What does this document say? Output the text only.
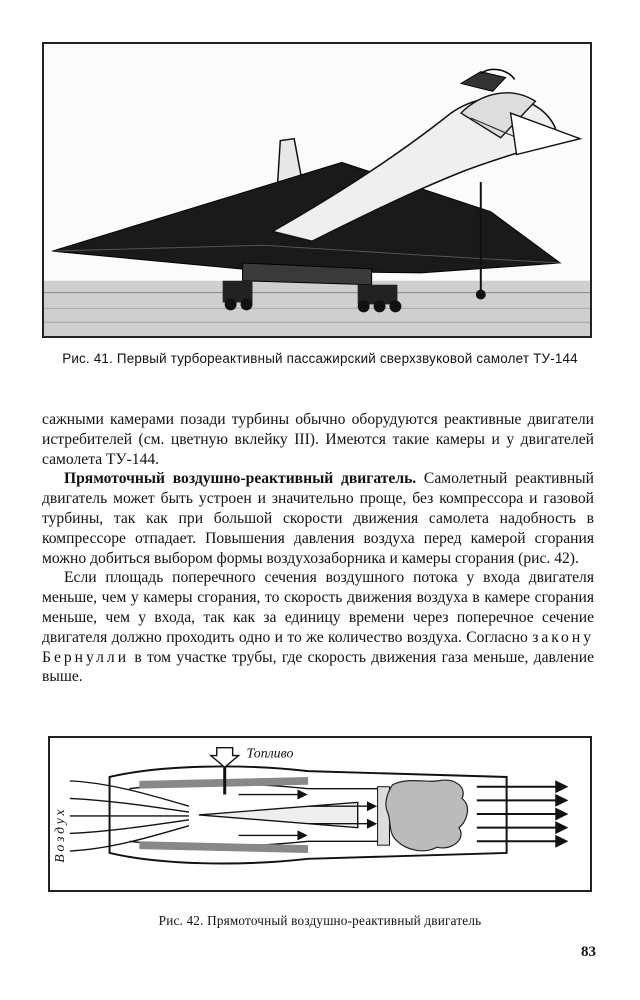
Рис. 41. Первый турбореактивный пассажирский сверхзвуковой самолет ТУ-144

сажными камерами позади турбины обычно оборудуются реактивные двигатели истребителей (см. цветную вклейку III). Имеются такие камеры и у двигателей самолета ТУ-144.

Прямоточный воздушно-реактивный двигатель. Самолетный реактивный двигатель может быть устроен и значительно проще, без компрессора и газовой турбины, так как при большой скорости движения самолета надобность в компрессоре отпадает. Повышения давления воздуха перед камерой сгорания можно добиться выбором формы воздухозаборника и камеры сгорания (рис. 42).

Если площадь поперечного сечения воздушного потока у входа двигателя меньше, чем у камеры сгорания, то скорость движения воздуха в камере сгорания меньше, чем у входа, так как за единицу времени через поперечное сечение двигателя должно проходить одно и то же количество воздуха. Согласно закону Бернулли в том участке трубы, где скорость движения газа меньше, давление выше.

Топливо
Воздух
Рис. 42. Прямоточный воздушно-реактивный двигатель
83
